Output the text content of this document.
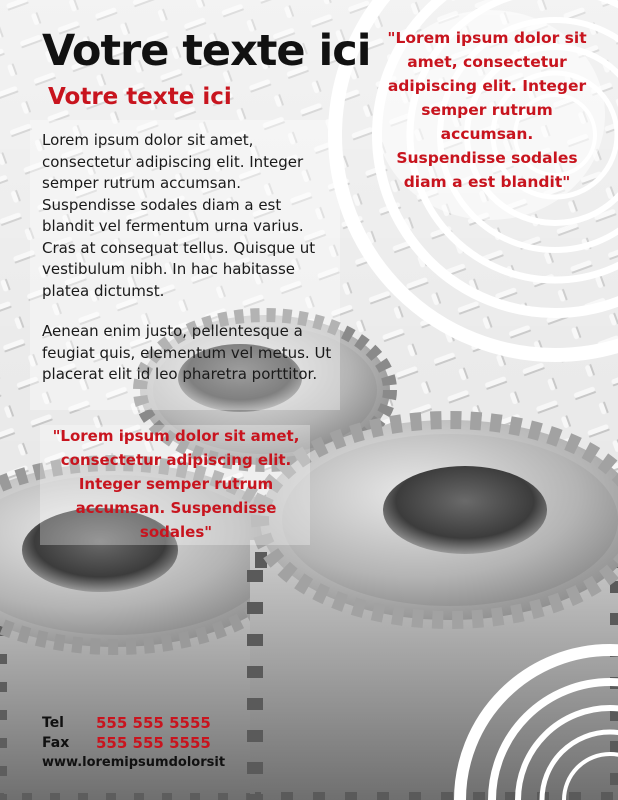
Votre texte ici
Votre texte ici

Lorem ipsum dolor sit amet, consectetur adipiscing elit. Integer semper rutrum accumsan. Suspendisse sodales diam a est blandit vel fermentum urna varius. Cras at consequat tellus. Quisque ut vestibulum nibh. In hac habitasse platea dictumst.

Aenean enim justo, pellentesque a feugiat quis, elementum vel metus. Ut placerat elit id leo pharetra porttitor.

"Lorem ipsum dolor sit amet, consectetur adipiscing elit. Integer semper rutrum accumsan. Suspendisse sodales diam a est blandit"

"Lorem ipsum dolor sit amet, consectetur adipiscing elit. Integer semper rutrum accumsan. Suspendisse sodales"

Tel	555 555 5555
Fax	555 555 5555
www.loremipsumdolorsit
